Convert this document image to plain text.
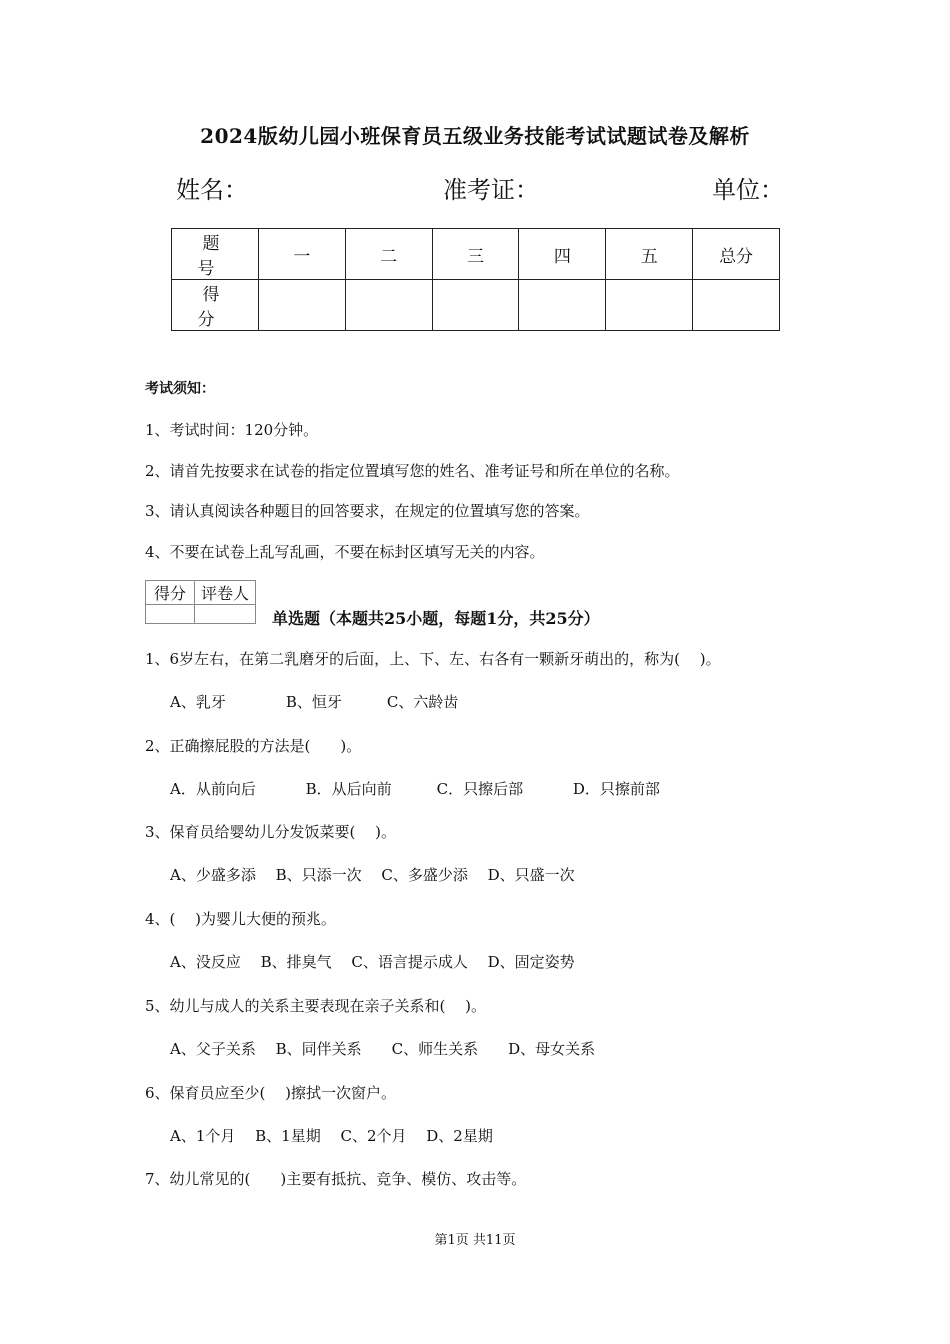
2024版幼儿园小班保育员五级业务技能考试试题试卷及解析
姓名：	准考证：	单位：
题 号	一	二	三	四	五	总分
得 分						
考试须知：
1、考试时间：120分钟。
2、请首先按要求在试卷的指定位置填写您的姓名、准考证号和所在单位的名称。
3、请认真阅读各种题目的回答要求，在规定的位置填写您的答案。
4、不要在试卷上乱写乱画，不要在标封区填写无关的内容。
得分	评卷人

单选题（本题共25小题，每题1分，共25分）
1、6岁左右，在第二乳磨牙的后面，上、下、左、右各有一颗新牙萌出的，称为(　 )。
A、乳牙　　　　B、恒牙　　　C、六龄齿
2、正确擦屁股的方法是(　　)。
A．从前向后　　　 B．从后向前　　　C．只擦后部　　　 D．只擦前部
3、保育员给婴幼儿分发饭菜要(　 )。
A、少盛多添　 B、只添一次　 C、多盛少添　 D、只盛一次
4、(　 )为婴儿大便的预兆。
A、没反应　 B、排臭气　 C、语言提示成人　 D、固定姿势
5、幼儿与成人的关系主要表现在亲子关系和(　 )。
A、父子关系　 B、同伴关系　　C、师生关系　　D、母女关系
6、保育员应至少(　 )擦拭一次窗户。
A、1个月　 B、1星期　 C、2个月　 D、2星期
7、幼儿常见的(　　)主要有抵抗、竞争、模仿、攻击等。
第1页 共11页
